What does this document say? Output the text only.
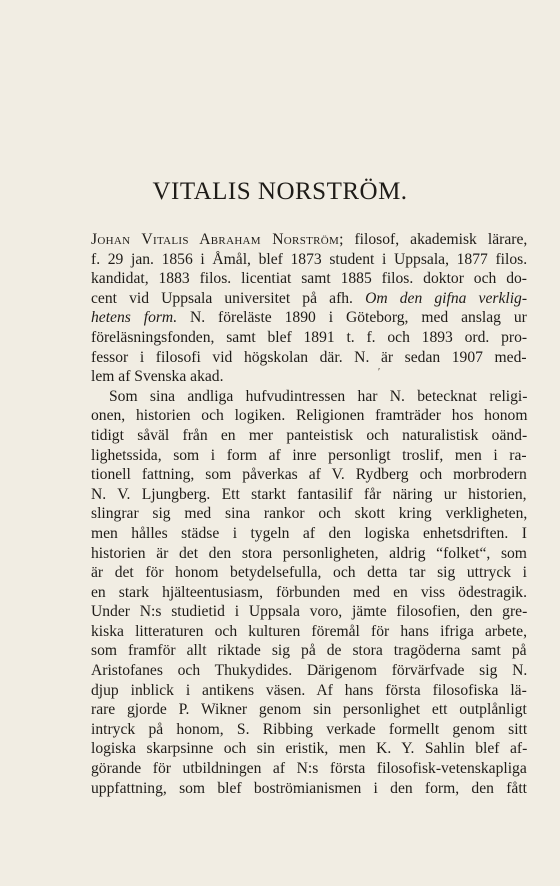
VITALIS NORSTRÖM.
Johan Vitalis Abraham Norström; filosof, akademisk lärare,
f. 29 jan. 1856 i Åmål, blef 1873 student i Uppsala, 1877 filos.
kandidat, 1883 filos. licentiat samt 1885 filos. doktor och do-
cent vid Uppsala universitet på afh. Om den gifna verklig-
hetens form. N. föreläste 1890 i Göteborg, med anslag ur
föreläsningsfonden, samt blef 1891 t. f. och 1893 ord. pro-
fessor i filosofi vid högskolan där. N. är sedan 1907 med-
lem af Svenska akad.
Som sina andliga hufvudintressen har N. betecknat religi-
onen, historien och logiken. Religionen framträder hos honom
tidigt såväl från en mer panteistisk och naturalistisk oänd-
lighetssida, som i form af inre personligt troslif, men i ra-
tionell fattning, som påverkas af V. Rydberg och morbrodern
N. V. Ljungberg. Ett starkt fantasilif får näring ur historien,
slingrar sig med sina rankor och skott kring verkligheten,
men hålles städse i tygeln af den logiska enhetsdriften. I
historien är det den stora personligheten, aldrig “folket“, som
är det för honom betydelsefulla, och detta tar sig uttryck i
en stark hjälteentusiasm, förbunden med en viss ödestragik.
Under N:s studietid i Uppsala voro, jämte filosofien, den gre-
kiska litteraturen och kulturen föremål för hans ifriga arbete,
som framför allt riktade sig på de stora tragöderna samt på
Aristofanes och Thukydides. Därigenom förvärfvade sig N.
djup inblick i antikens väsen. Af hans första filosofiska lä-
rare gjorde P. Wikner genom sin personlighet ett outplånligt
intryck på honom, S. Ribbing verkade formellt genom sitt
logiska skarpsinne och sin eristik, men K. Y. Sahlin blef af-
görande för utbildningen af N:s första filosofisk-vetenskapliga
uppfattning, som blef boströmianismen i den form, den fått
ʹ
